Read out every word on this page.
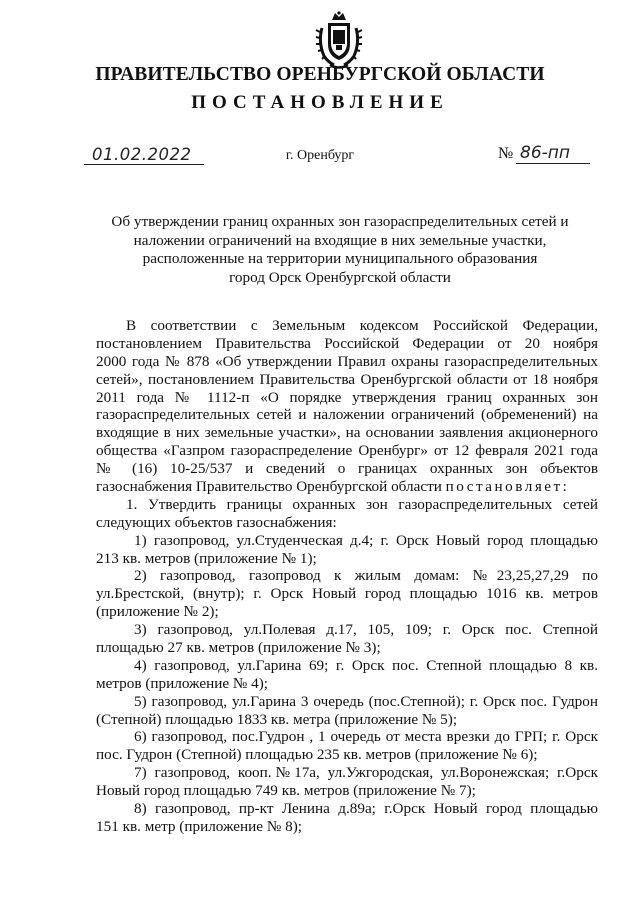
ПРАВИТЕЛЬСТВО ОРЕНБУРГСКОЙ ОБЛАСТИ
ПОСТАНОВЛЕНИЕ
01.02.2022	г. Оренбург	№ 86-пп
Об утверждении границ охранных зон газораспределительных сетей и
наложении ограничений на входящие в них земельные участки,
расположенные на территории муниципального образования
город Орск Оренбургской области
В соответствии с Земельным кодексом Российской Федерации,
постановлением Правительства Российской Федерации от 20 ноября
2000 года № 878 «Об утверждении Правил охраны газораспределительных
сетей», постановлением Правительства Оренбургской области от 18 ноября
2011 года № 1112-п «О порядке утверждения границ охранных зон
газораспределительных сетей и наложении ограничений (обременений) на
входящие в них земельные участки», на основании заявления акционерного
общества «Газпром газораспределение Оренбург» от 12 февраля 2021 года
№ (16) 10-25/537 и сведений о границах охранных зон объектов
газоснабжения Правительство Оренбургской области постановляет:
1. Утвердить границы охранных зон газораспределительных сетей
следующих объектов газоснабжения:
1) газопровод, ул.Студенческая д.4; г. Орск Новый город площадью
213 кв. метров (приложение № 1);
2) газопровод, газопровод к жилым домам: №23,25,27,29 по
ул.Брестской, (внутр); г. Орск Новый город площадью 1016 кв. метров
(приложение № 2);
3) газопровод, ул.Полевая д.17, 105, 109; г. Орск пос. Степной
площадью 27 кв. метров (приложение № 3);
4) газопровод, ул.Гарина 69; г. Орск пос. Степной площадью 8 кв.
метров (приложение № 4);
5) газопровод, ул.Гарина 3 очередь (пос.Степной); г. Орск пос. Гудрон
(Степной) площадью 1833 кв. метра (приложение № 5);
6) газопровод, пос.Гудрон , 1 очередь от места врезки до ГРП; г. Орск
пос. Гудрон (Степной) площадью 235 кв. метров (приложение № 6);
7) газопровод, кооп.№17а, ул.Ужгородская, ул.Воронежская; г.Орск
Новый город площадью 749 кв. метров (приложение № 7);
8) газопровод, пр-кт Ленина д.89а; г.Орск Новый город площадью
151 кв. метр (приложение № 8);
